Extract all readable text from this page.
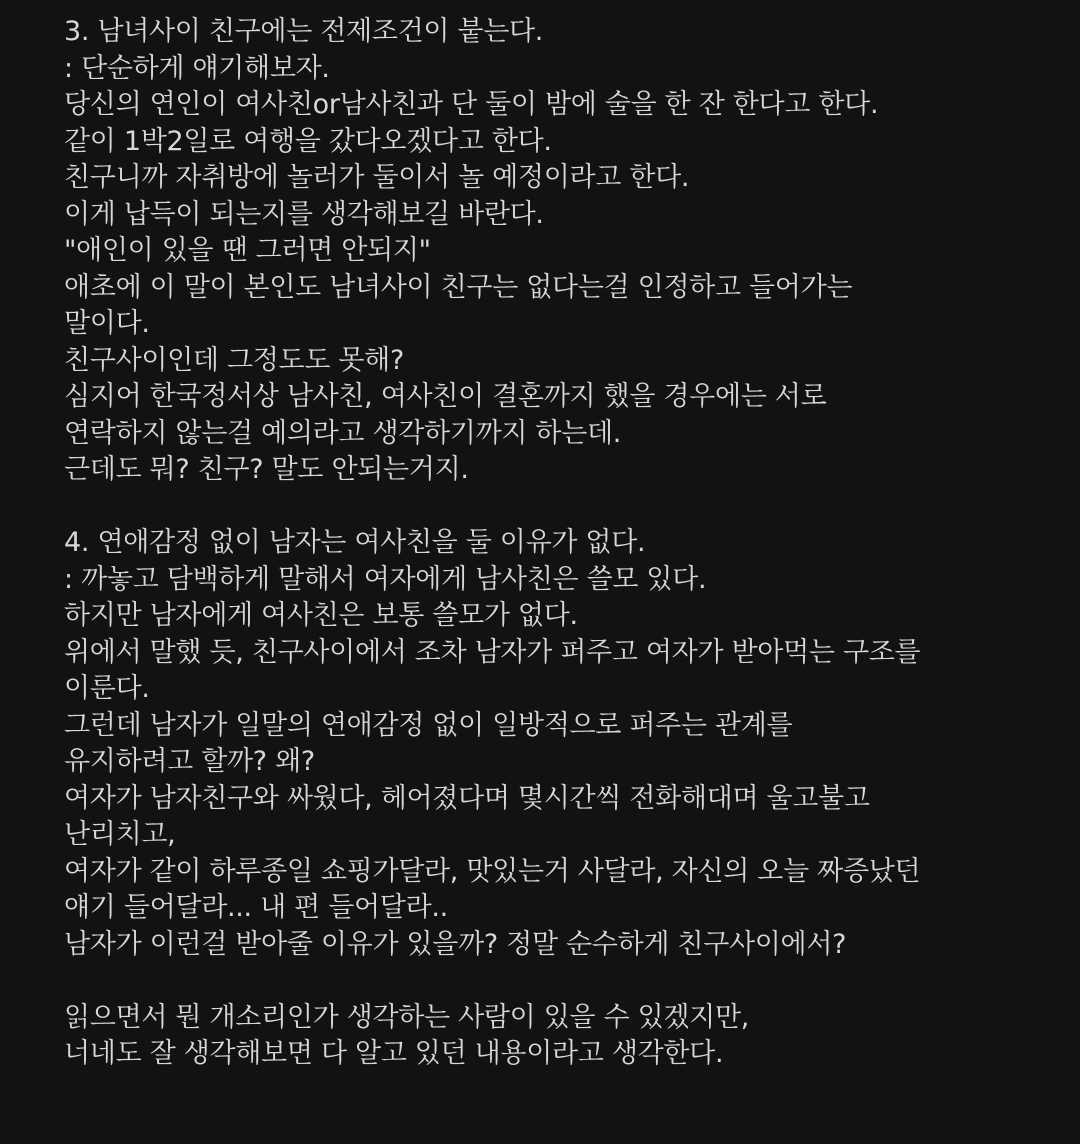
3. 남녀사이 친구에는 전제조건이 붙는다.
: 단순하게 얘기해보자.
당신의 연인이 여사친or남사친과 단 둘이 밤에 술을 한 잔 한다고 한다.
같이 1박2일로 여행을 갔다오겠다고 한다.
친구니까 자취방에 놀러가 둘이서 놀 예정이라고 한다.
이게 납득이 되는지를 생각해보길 바란다.
"애인이 있을 땐 그러면 안되지"
애초에 이 말이 본인도 남녀사이 친구는 없다는걸 인정하고 들어가는
말이다.
친구사이인데 그정도도 못해?
심지어 한국정서상 남사친, 여사친이 결혼까지 했을 경우에는 서로
연락하지 않는걸 예의라고 생각하기까지 하는데.
근데도 뭐? 친구? 말도 안되는거지.
4. 연애감정 없이 남자는 여사친을 둘 이유가 없다.
: 까놓고 담백하게 말해서 여자에게 남사친은 쓸모 있다.
하지만 남자에게 여사친은 보통 쓸모가 없다.
위에서 말했 듯, 친구사이에서 조차 남자가 퍼주고 여자가 받아먹는 구조를
이룬다.
그런데 남자가 일말의 연애감정 없이 일방적으로 퍼주는 관계를
유지하려고 할까? 왜?
여자가 남자친구와 싸웠다, 헤어졌다며 몇시간씩 전화해대며 울고불고
난리치고,
여자가 같이 하루종일 쇼핑가달라, 맛있는거 사달라, 자신의 오늘 짜증났던
얘기 들어달라... 내 편 들어달라..
남자가 이런걸 받아줄 이유가 있을까? 정말 순수하게 친구사이에서?
읽으면서 뭔 개소리인가 생각하는 사람이 있을 수 있겠지만,
너네도 잘 생각해보면 다 알고 있던 내용이라고 생각한다.
